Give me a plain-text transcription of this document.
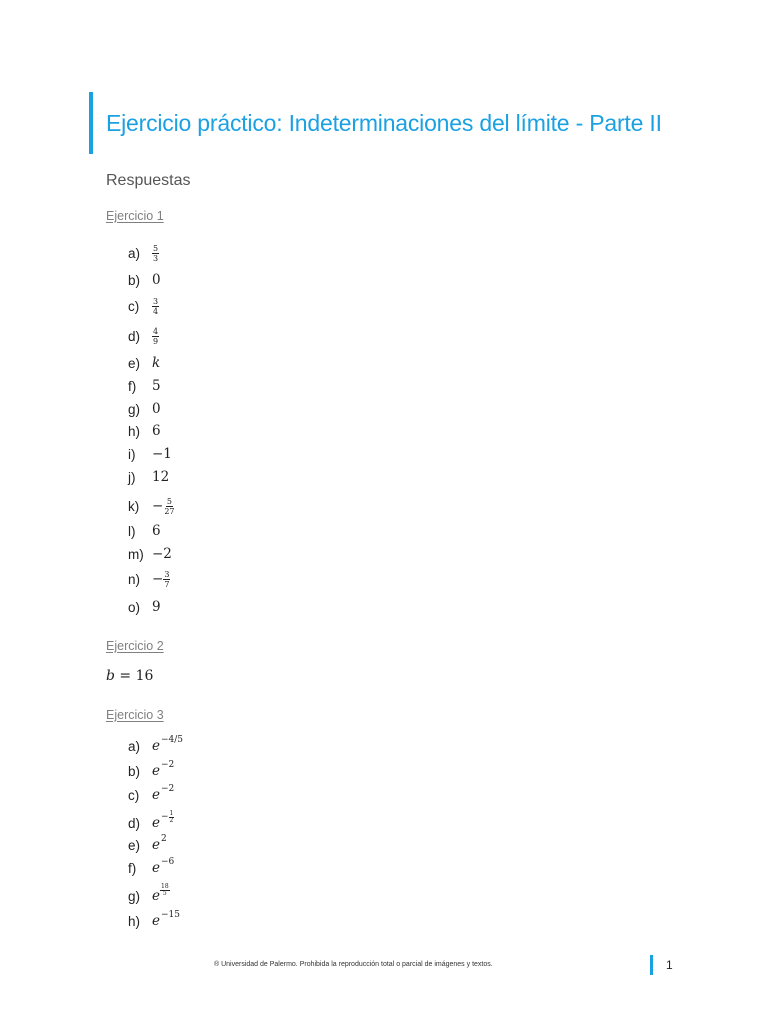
Ejercicio práctico: Indeterminaciones del límite - Parte II
Respuestas
Ejercicio 1
a)	$\frac{5}{3}$
b) 0
c)	$\frac{3}{4}$
d)	$\frac{4}{9}$
e) k
f)	5
g) 0
h) 6
i)	−1
j)	12
$k) - \frac{5}{27}$
l)	6
m) −2
$n) - \frac{3}{7}$
o) 9
Ejercicio 2
b = 16
Ejercicio 3
a) e −4/5
b) e −2
c) e −2
d) $e - \frac{1}{2}$
e) e 2
f)	e −6
g) e $\frac{18}{5}$
h) e −15
® Universidad de Palermo. Prohibida la reproducción total o parcial de imágenes y textos.	1
